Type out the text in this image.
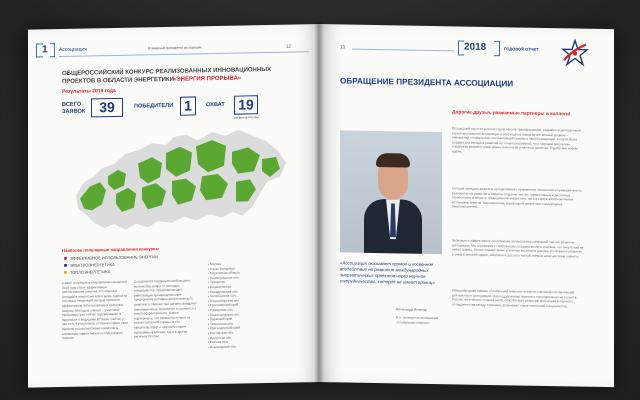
1 Ассоциация	Всемирный президента ассоциации	12
ОБЩЕРОССИЙСКИЙ КОНКУРС РЕАЛИЗОВАННЫХ ИННОВАЦИОННЫХ
ПРОЕКТОВ В ОБЛАСТИ ЭНЕРГЕТИКИ «ЭНЕРГИЯ ПРОРЫВА»
Результаты 2018 года
ВСЕГО
ЗАЯВОК 39	ПОБЕДИТЕЛИ 1	ОХВАТ 19
регионов России
Наиболее популярные направления конкурса:
ЭФФЕКТИВНОЕ ИСПОЛЬЗОВАНИЕ ЭНЕРГИИ
ЭЛЕКТРОЭНЕРГЕТИКА
ТОПЛОЭНЕРГЕТИКА
Самое популярное направление конкурса в 2018 году стало эффективное использование энергии, что отвечает трендам в энергетике всего мира. Одной из основных тенденций сегодня является эффективное использование и хранение энергии. Молодые ученые – участники программы уже сейчас подтверждают в переписке с ведущими ВУЗами. Сейчас у нас есть 9 участников, которые подают свои проекты на рассмотрение комиссии в номинации эффективное использование энергии.
Сохраняется тенденция наибольшего количества заявок от молодых специалистов, представляющих работающие производственные предприятия топливно-энергетического комплекса. Именно они активно внедряют инновационные технологии и стремятся к энергоэффективности. Важно подчеркнуть, что заявки поступают из разных регионов страны, и это свидетельствует о широком охвате программы в Москве, так и в других регионах России.
• Москва
• Санкт-Петербург
• Московская область
• Ленинградская обл.
• Татарстан
• Башкортостан
• Свердловская обл.
• Челябинская обл.
• Новосибирская обл.
• Красноярский край
• Самарская обл.
• Нижегородская обл.
• Пермский край
• Тюменская обл.
• Краснодарский край
• Ростовская обл.
• Иркутская обл.
• Омская обл.
• Воронежская обл.
13	2018	ГОДОВОЙ ОТЧЕТ
ОБРАЩЕНИЕ ПРЕЗИДЕНТА АССОЦИАЦИИ
«Ассоциация оказывает прямое и косвенное воздействие на развитие международных энергетических проектов через научное сотрудничество, которое не имеет границ»
Александр Игнатов
И.о. президента ассоциации «Глобальная энергия»
Дорогие друзья, уважаемые партнеры и коллеги!
Прошедший год стал для нас годом начала трансформации, разработки долгосрочной стратегии развития ассоциации и перехода на новый качественный уровень – повышение «глобальной» составляющей премии в нашей концепции, которая была создана для вклада в развитие не только российской, но и мировой энергетики, поддержки разработчиков новых технологий в научных проектах, содействия новым идеям.
Сегодня передать важность прогрессивного применения технологий и приверженность разработок на развитие в области создания чистых, эффективных и доступных технологий и в области традиционной энергетики, так и в сфере возобновляемых источников энергии, биоэнергетики, водородной энергетики и водородных энергоносителей.
Экономия и эффективное потребление являются неотъемлемой частью развития ассоциации. Мы стремимся к глобальному сотрудничеству и считаем, что энергетика не имеет границ. Только совместными усилиями мы можем достичь устойчивого развития в энергетической сфере, обеспечить доступ к чистой энергии всем жителям планеты.
Международная премия «Глобальная энергия» остается ключевой составляющей деятельности ассоциации. Она поддерживает важность популяризации не только в России, но и многих странах мира, способствует развитию энергетики и научного сотрудничества между странами, формирует новое поколение специалистов.
